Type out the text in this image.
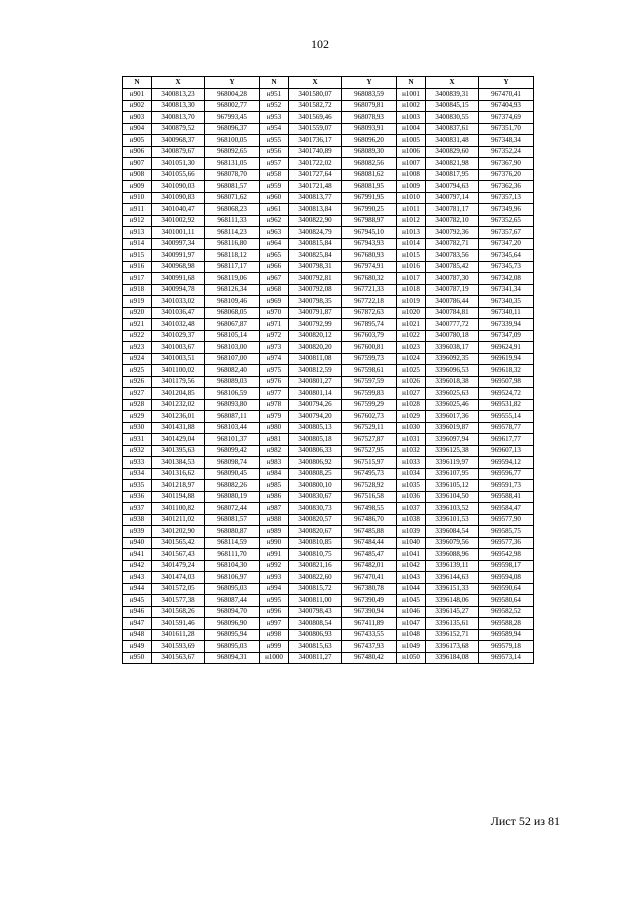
102
N	X	Y	N	X	Y	N	X	Y
н901	3400813,23	968004,28	н951	3401580,07	968083,59	н1001	3400839,31	967470,41
н902	3400813,30	968002,77	н952	3401582,72	968079,81	н1002	3400845,15	967404,93
н903	3400813,70	967993,45	н953	3401569,46	968078,93	н1003	3400830,55	967374,69
н904	3400879,52	968096,37	н954	3401559,07	968093,91	н1004	3400837,61	967351,70
н905	3400968,37	968100,05	н955	3401736,17	968096,20	н1005	3400831,48	967348,34
н906	3400879,67	968092,65	н956	3401740,89	968089,30	н1006	3400829,60	967352,24
н907	3401051,30	968131,05	н957	3401722,02	968082,56	н1007	3400821,98	967367,90
н908	3401055,66	968078,70	н958	3401727,64	968081,62	н1008	3400817,95	967376,20
н909	3401090,03	968081,57	н959	3401721,48	968081,95	н1009	3400794,63	967362,36
н910	3401090,83	968071,62	н960	3400813,77	967991,95	н1010	3400797,14	967357,13
н911	3401040,47	968068,23	н961	3400813,84	967990,25	н1011	3400781,17	967349,96
н912	3401002,92	968111,33	н962	3400822,90	967988,97	н1012	3400782,10	967352,65
н913	3401001,11	968114,23	н963	3400824,79	967945,10	н1013	3400792,36	967357,67
н914	3400997,34	968116,80	н964	3400815,84	967943,93	н1014	3400782,71	967347,20
н915	3400991,97	968118,12	н965	3400825,84	967680,93	н1015	3400783,56	967345,64
н916	3400968,98	968117,17	н966	3400798,31	967974,91	н1016	3400785,42	967345,73
н917	3400991,68	968119,06	н967	3400792,81	967680,32	н1017	3400787,30	967342,08
н918	3400994,78	968126,34	н968	3400792,08	967721,33	н1018	3400787,19	967341,34
н919	3401033,02	968109,46	н969	3400798,35	967722,18	н1019	3400786,44	967340,35
н920	3401036,47	968068,05	н970	3400791,87	967872,63	н1020	3400784,81	967340,11
н921	3401032,48	968067,87	н971	3400792,99	967895,74	н1021	3400777,72	967339,94
н922	3401029,37	968105,14	н972	3400820,12	967603,79	н1022	3400780,18	967347,09
н923	3401003,67	968103,00	н973	3400820,20	967600,81	н1023	3396038,17	969624,91
н924	3401003,51	968107,00	н974	3400811,08	967599,73	н1024	3396092,35	969619,94
н925	3401100,02	968082,40	н975	3400812,59	967598,61	н1025	3396096,53	969618,32
н926	3401179,56	968089,03	н976	3400801,27	967597,59	н1026	3396018,38	969507,98
н927	3401204,85	968106,59	н977	3400801,14	967599,83	н1027	3396025,63	969524,72
н928	3401232,02	968093,80	н978	3400794,26	967599,29	н1028	3396025,46	969531,82
н929	3401236,01	968087,11	н979	3400794,20	967602,73	н1029	3396017,36	969555,14
н930	3401431,88	968103,44	н980	3400805,13	967529,11	н1030	3396019,87	969578,77
н931	3401429,04	968101,37	н981	3400805,18	967527,87	н1031	3396097,94	969617,77
н932	3401395,63	968099,42	н982	3400806,33	967527,95	н1032	3396125,38	969607,13
н933	3401384,53	968098,74	н983	3400806,92	967515,97	н1033	3396119,97	969594,12
н934	3401316,62	968090,45	н984	3400808,25	967495,73	н1034	3396107,95	969596,77
н935	3401218,97	968082,26	н985	3400800,10	967528,92	н1035	3396105,12	969591,73
н936	3401194,88	968080,19	н986	3400830,67	967516,58	н1036	3396104,50	969588,41
н937	3401100,82	968072,44	н987	3400830,73	967498,55	н1037	3396103,52	969584,47
н938	3401211,02	968081,57	н988	3400820,57	967486,70	н1038	3396101,53	969577,90
н939	3401202,90	968080,87	н989	3400820,67	967485,88	н1039	3396084,54	969585,75
н940	3401565,42	968114,59	н990	3400810,85	967484,44	н1040	3396079,56	969577,36
н941	3401567,43	968111,70	н991	3400810,75	967485,47	н1041	3396088,96	969542,98
н942	3401479,24	968104,30	н992	3400821,16	967482,01	н1042	3396139,11	969598,17
н943	3401474,03	968106,97	н993	3400822,60	967470,41	н1043	3396144,63	969594,08
н944	3401572,05	968095,03	н994	3400815,72	967380,78	н1044	3396151,33	969590,64
н945	3401577,38	968087,44	н995	3400811,00	967390,49	н1045	3396148,06	969580,64
н946	3401568,26	968094,70	н996	3400798,43	967390,94	н1046	3396145,27	969582,52
н947	3401591,46	968096,90	н997	3400808,54	967411,89	н1047	3396135,61	969588,28
н948	3401611,28	968095,94	н998	3400806,93	967433,55	н1048	3396152,71	969589,94
н949	3401593,69	968095,03	н999	3400815,63	967437,93	н1049	3396173,68	969579,18
н950	3401563,67	968094,31	н1000	3400811,27	967480,42	н1050	3396184,08	969573,14
Лист 52 из 81
